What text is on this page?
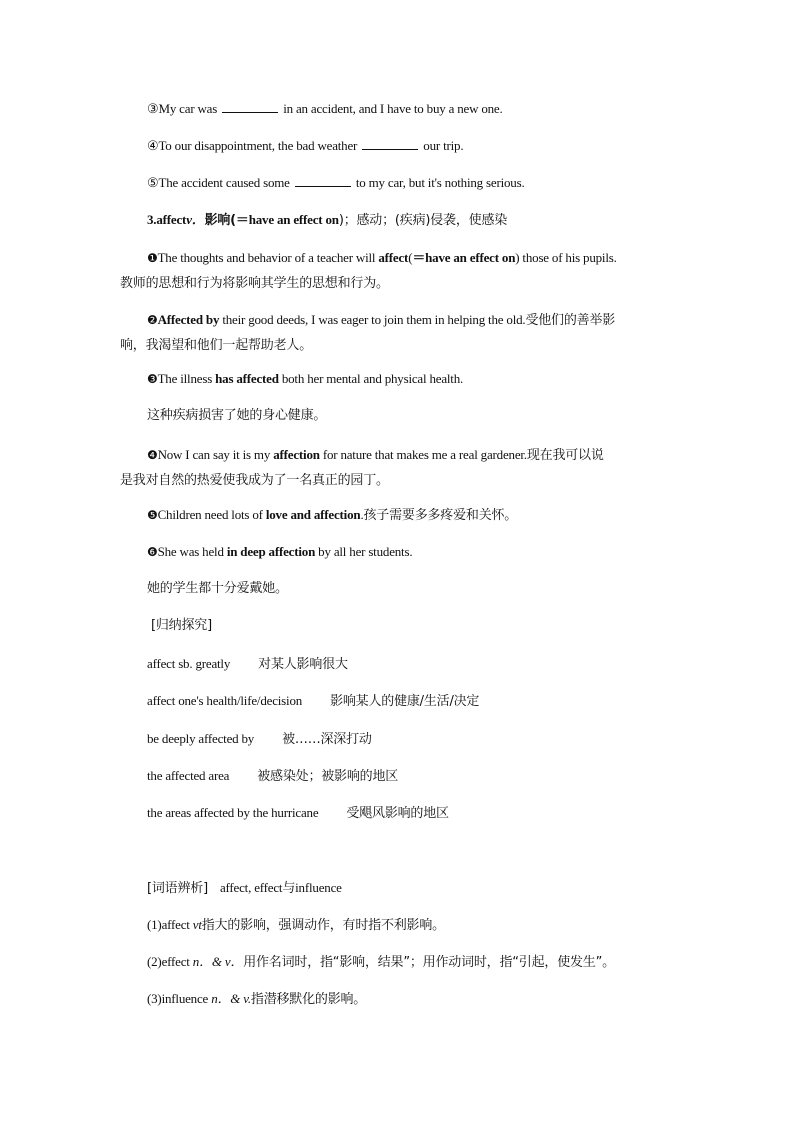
③My car was	in an accident, and I have to buy a new one.
④To our disappointment, the bad weather	our trip.
⑤The accident caused some	to my car, but it's nothing serious.
3.affectv．影响(＝have an effect on)；感动；(疾病)侵袭，使感染
❶The thoughts and behavior of a teacher will affect(＝have an effect on) those of his pupils.
教师的思想和行为将影响其学生的思想和行为。
❷Affected by their good deeds, I was eager to join them in helping the old.受他们的善举影
响，我渴望和他们一起帮助老人。
❸The illness has affected both her mental and physical health.
这种疾病损害了她的身心健康。
❹Now I can say it is my affection for nature that makes me a real gardener.现在我可以说
是我对自然的热爱使我成为了一名真正的园丁。
❺Children need lots of love and affection.孩子需要多多疼爱和关怀。
❻She was held in deep affection by all her students.
她的学生都十分爱戴她。
[归纳探究]
affect sb. greatly 对某人影响很大
affect one's health/life/decision 影响某人的健康/生活/决定
be deeply affected by 被……深深打动
the affected area 被感染处；被影响的地区
the areas affected by the hurricane 受飓风影响的地区
[词语辨析] affect, effect与influence
(1)affect vt指大的影响，强调动作，有时指不利影响。
(2)effect n．& v．用作名词时，指“影响，结果”；用作动词时，指“引起，使发生”。
(3)influence n．& v.指潜移默化的影响。
